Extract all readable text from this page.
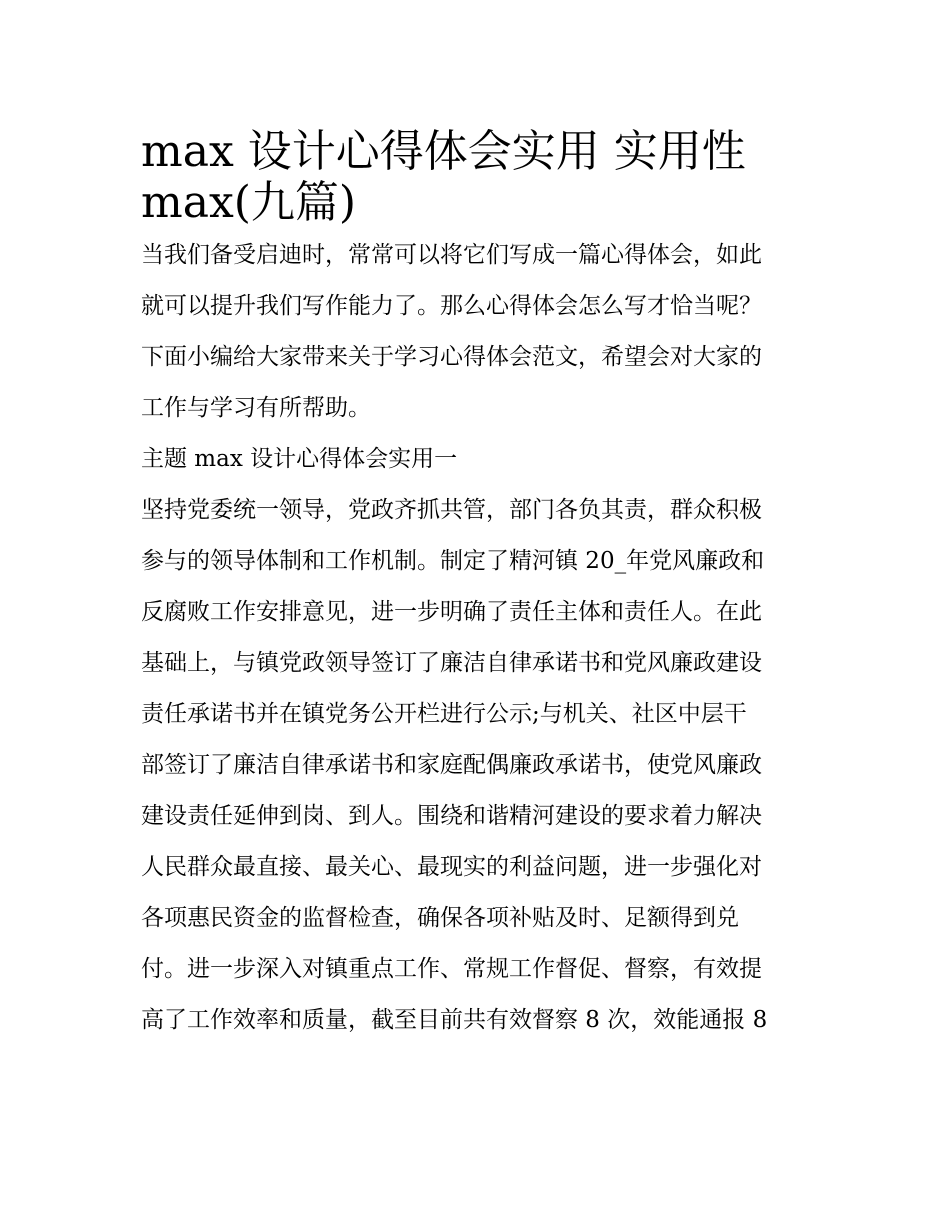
max 设计心得体会实用 实用性
max(九篇)
当我们备受启迪时，常常可以将它们写成一篇心得体会，如此
就可以提升我们写作能力了。那么心得体会怎么写才恰当呢？
下面小编给大家带来关于学习心得体会范文，希望会对大家的
工作与学习有所帮助。
主题 max 设计心得体会实用一
坚持党委统一领导，党政齐抓共管，部门各负其责，群众积极
参与的领导体制和工作机制。制定了精河镇 20_年党风廉政和
反腐败工作安排意见，进一步明确了责任主体和责任人。在此
基础上，与镇党政领导签订了廉洁自律承诺书和党风廉政建设
责任承诺书并在镇党务公开栏进行公示;与机关、社区中层干
部签订了廉洁自律承诺书和家庭配偶廉政承诺书，使党风廉政
建设责任延伸到岗、到人。围绕和谐精河建设的要求着力解决
人民群众最直接、最关心、最现实的利益问题，进一步强化对
各项惠民资金的监督检查，确保各项补贴及时、足额得到兑
付。进一步深入对镇重点工作、常规工作督促、督察，有效提
高了工作效率和质量，截至目前共有效督察 8 次，效能通报 8
